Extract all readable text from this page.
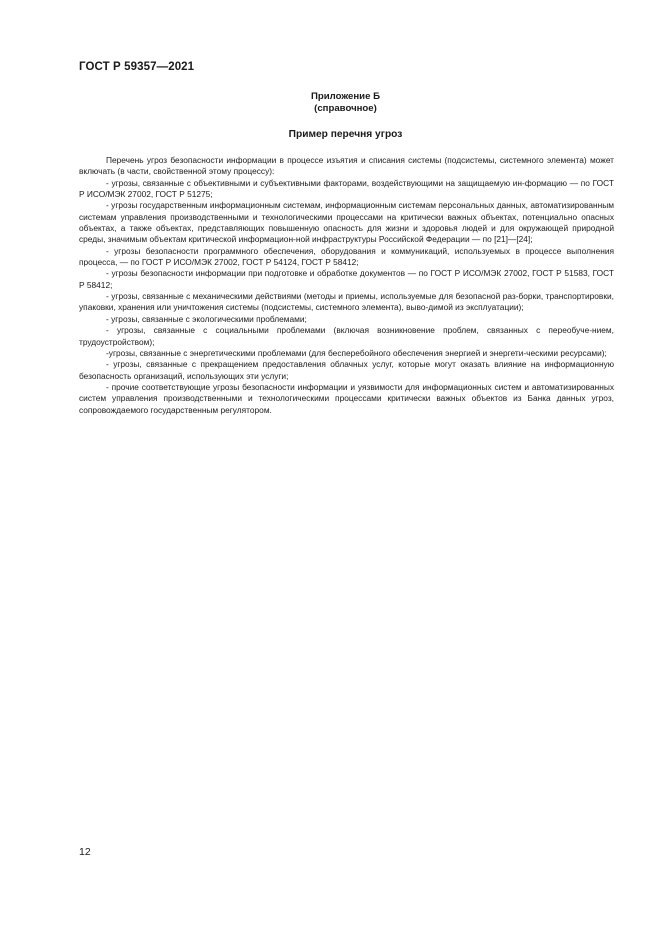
ГОСТ Р 59357—2021
Приложение Б
(справочное)
Пример перечня угроз

Перечень угроз безопасности информации в процессе изъятия и списания системы (подсистемы, системного элемента) может включать (в части, свойственной этому процессу):

- угрозы, связанные с объективными и субъективными факторами, воздействующими на защищаемую ин-формацию — по ГОСТ Р ИСО/МЭК 27002, ГОСТ Р 51275;

- угрозы государственным информационным системам, информационным системам персональных данных, автоматизированным системам управления производственными и технологическими процессами на критически важных объектах, потенциально опасных объектах, а также объектах, представляющих повышенную опасность для жизни и здоровья людей и для окружающей природной среды, значимым объектам критической информацион-ной инфраструктуры Российской Федерации — по [21]—[24];

- угрозы безопасности программного обеспечения, оборудования и коммуникаций, используемых в процессе выполнения процесса, — по ГОСТ Р ИСО/МЭК 27002, ГОСТ Р 54124, ГОСТ Р 58412;

- угрозы безопасности информации при подготовке и обработке документов — по ГОСТ Р ИСО/МЭК 27002, ГОСТ Р 51583, ГОСТ Р 58412;

- угрозы, связанные с механическими действиями (методы и приемы, используемые для безопасной раз-борки, транспортировки, упаковки, хранения или уничтожения системы (подсистемы, системного элемента), выво-димой из эксплуатации);

- угрозы, связанные с экологическими проблемами;

- угрозы, связанные с социальными проблемами (включая возникновение проблем, связанных с переобуче-нием, трудоустройством);

-угрозы, связанные с энергетическими проблемами (для бесперебойного обеспечения энергией и энергети-ческими ресурсами);

- угрозы, связанные с прекращением предоставления облачных услуг, которые могут оказать влияние на информационную безопасность организаций, использующих эти услуги;

- прочие соответствующие угрозы безопасности информации и уязвимости для информационных систем и автоматизированных систем управления производственными и технологическими процессами критически важных объектов из Банка данных угроз, сопровождаемого государственным регулятором.

12
